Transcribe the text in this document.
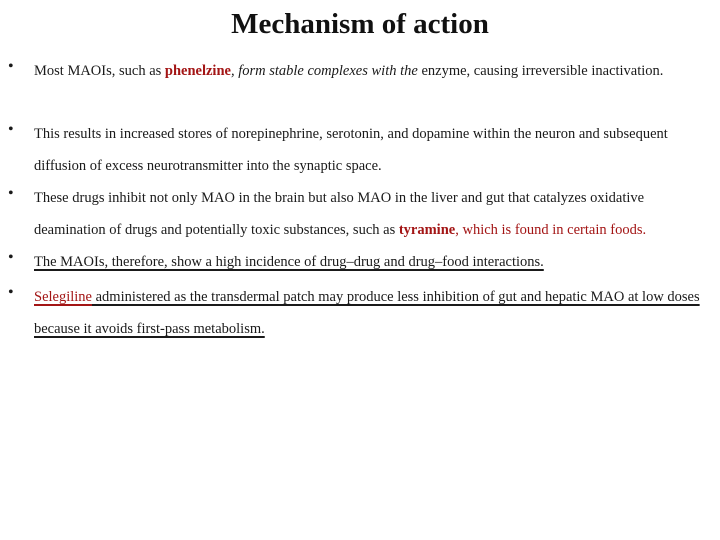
Mechanism of action
• Most MAOIs, such as phenelzine, form stable complexes with the enzyme, causing irreversible inactivation.
• This results in increased stores of norepinephrine, serotonin, and dopamine within the neuron and subsequent diffusion of excess neurotransmitter into the synaptic space.
• These drugs inhibit not only MAO in the brain but also MAO in the liver and gut that catalyzes oxidative deamination of drugs and potentially toxic substances, such as tyramine, which is found in certain foods.
• The MAOIs, therefore, show a high incidence of drug–drug and drug–food interactions.
• Selegiline administered as the transdermal patch may produce less inhibition of gut and hepatic MAO at low doses because it avoids first-pass metabolism.
